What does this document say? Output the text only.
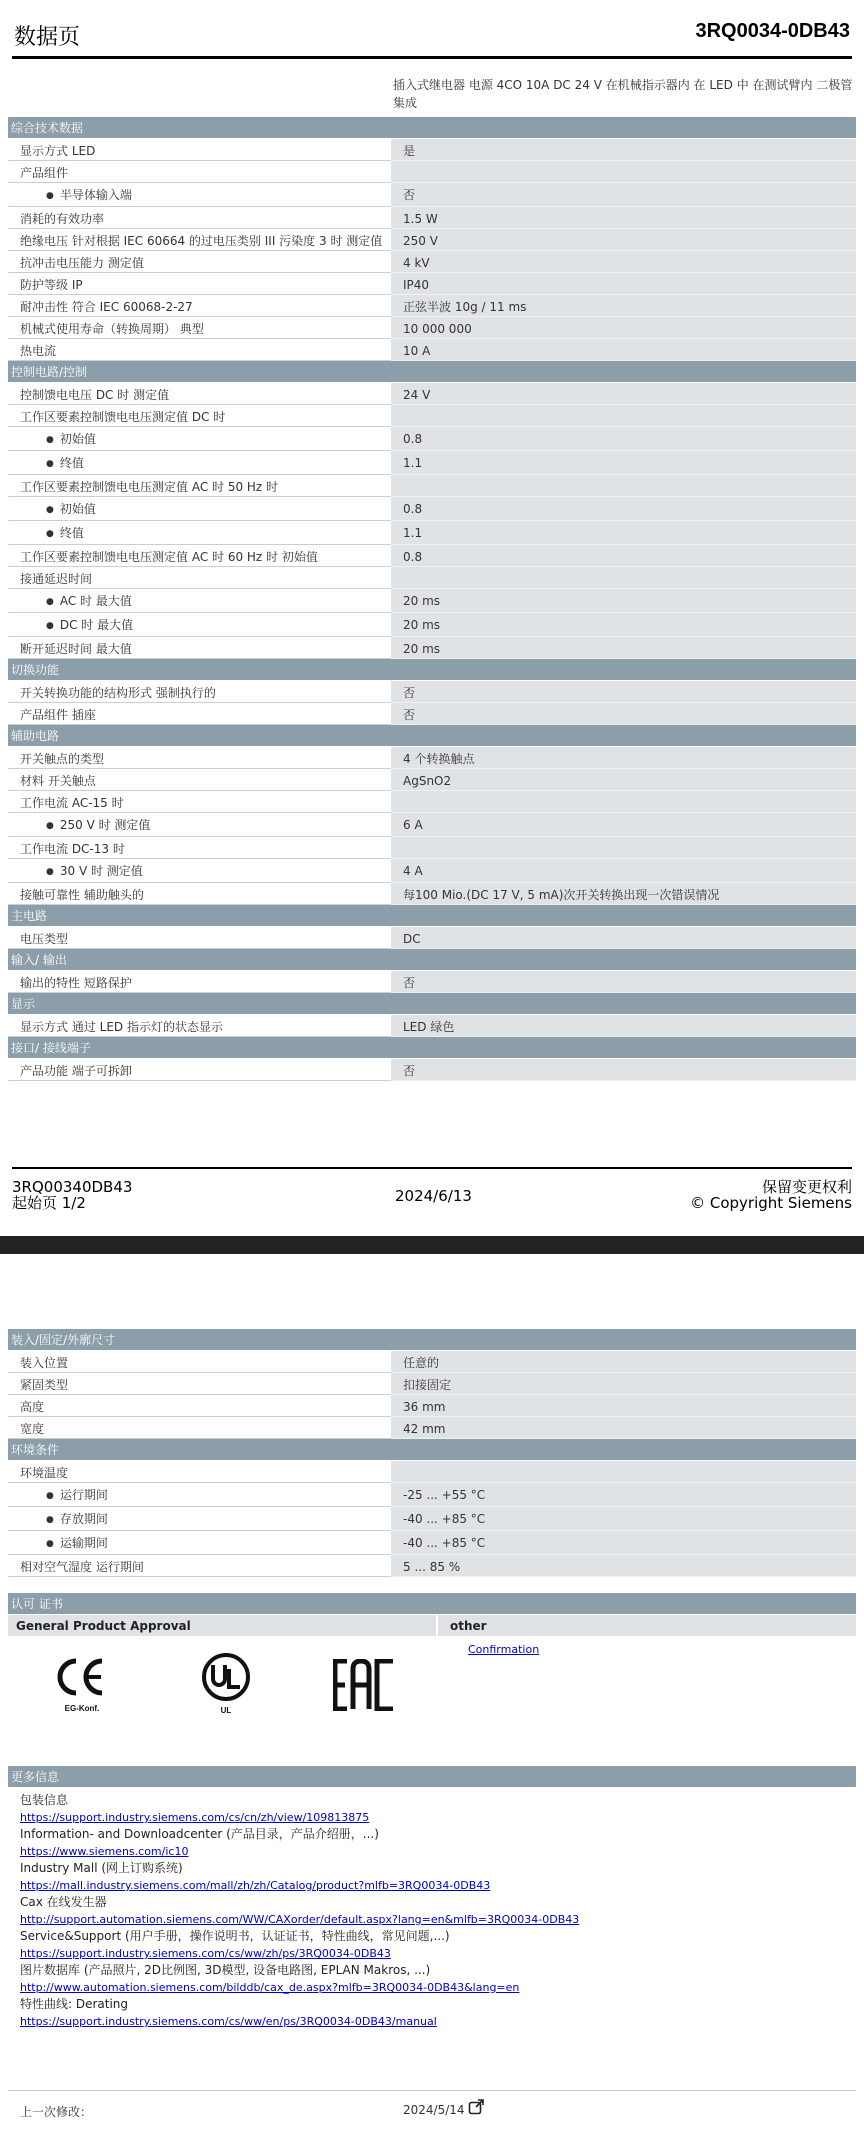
数据页	3RQ0034-0DB43
插入式继电器 电源 4CO 10A DC 24 V 在机械指示器内 在 LED 中 在测试臂内 二极管集成
综合技术数据
显示方式 LED	是
产品组件
● 半导体输入端	否
消耗的有效功率	1.5 W
绝缘电压 针对根据 IEC 60664 的过电压类别 III 污染度 3 时 测定值	250 V
抗冲击电压能力 测定值	4 kV
防护等级 IP	IP40
耐冲击性 符合 IEC 60068-2-27	正弦半波 10g / 11 ms
机械式使用寿命（转换周期） 典型	10 000 000
热电流	10 A
控制电路/控制
控制馈电电压 DC 时 测定值	24 V
工作区要素控制馈电电压测定值 DC 时
● 初始值	0.8
● 终值	1.1
工作区要素控制馈电电压测定值 AC 时 50 Hz 时
● 初始值	0.8
● 终值	1.1
工作区要素控制馈电电压测定值 AC 时 60 Hz 时 初始值	0.8
接通延迟时间
● AC 时 最大值	20 ms
● DC 时 最大值	20 ms
断开延迟时间 最大值	20 ms
切换功能
开关转换功能的结构形式 强制执行的	否
产品组件 插座	否
辅助电路
开关触点的类型	4 个转换触点
材料 开关触点	AgSnO2
工作电流 AC-15 时
● 250 V 时 测定值	6 A
工作电流 DC-13 时
● 30 V 时 测定值	4 A
接触可靠性 辅助触头的	每100 Mio.(DC 17 V, 5 mA)次开关转换出现一次错误情况
主电路
电压类型	DC
输入/ 输出
输出的特性 短路保护	否
显示
显示方式 通过 LED 指示灯的状态显示	LED 绿色
接口/ 接线端子
产品功能 端子可拆卸	否
3RQ00340DB43
起始页 1/2	2024/6/13	保留变更权利
© Copyright Siemens
装入/固定/外廓尺寸
装入位置	任意的
紧固类型	扣接固定
高度	36 mm
宽度	42 mm
环境条件
环境温度
● 运行期间	-25 ... +55 °C
● 存放期间	-40 ... +85 °C
● 运输期间	-40 ... +85 °C
相对空气湿度 运行期间	5 ... 85 %
认可 证书
General Product Approval	other
EG-Konf.	UL
Confirmation
更多信息
包装信息
https://support.industry.siemens.com/cs/cn/zh/view/109813875
Information- and Downloadcenter (产品目录，产品介绍册，...)
https://www.siemens.com/ic10
Industry Mall (网上订购系统)
https://mall.industry.siemens.com/mall/zh/zh/Catalog/product?mlfb=3RQ0034-0DB43
Cax 在线发生器
http://support.automation.siemens.com/WW/CAXorder/default.aspx?lang=en&mlfb=3RQ0034-0DB43
Service&Support (用户手册，操作说明书，认证证书，特性曲线，常见问题,...)
https://support.industry.siemens.com/cs/ww/zh/ps/3RQ0034-0DB43
图片数据库 (产品照片, 2D比例图, 3D模型, 设备电路图, EPLAN Makros, ...)
http://www.automation.siemens.com/bilddb/cax_de.aspx?mlfb=3RQ0034-0DB43&lang=en
特性曲线: Derating
https://support.industry.siemens.com/cs/ww/en/ps/3RQ0034-0DB43/manual
上一次修改：	2024/5/14
